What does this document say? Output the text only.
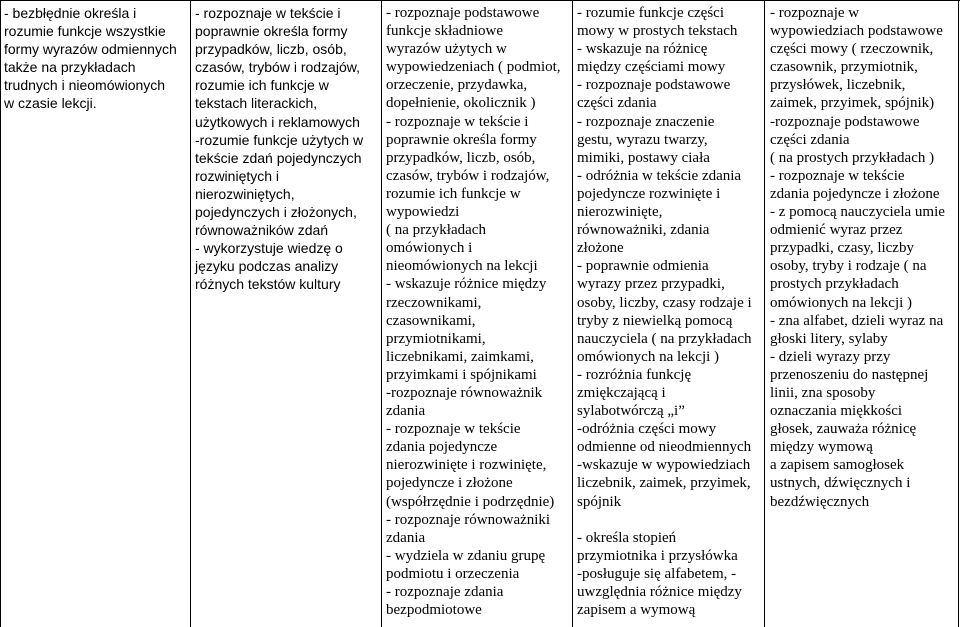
- bezbłędnie określa i
rozumie funkcje wszystkie
formy wyrazów odmiennych
także na przykładach
trudnych i nieomówionych
w czasie lekcji.
- rozpoznaje w tekście i
poprawnie określa formy
przypadków, liczb, osób,
czasów, trybów i rodzajów,
rozumie ich funkcje w
tekstach literackich,
użytkowych i reklamowych
-rozumie funkcje użytych w
tekście zdań pojedynczych
rozwiniętych i
nierozwiniętych,
pojedynczych i złożonych,
równoważników zdań
- wykorzystuje wiedzę o
języku podczas analizy
różnych tekstów kultury
- rozpoznaje podstawowe
funkcje składniowe
wyrazów użytych w
wypowiedzeniach ( podmiot,
orzeczenie, przydawka,
dopełnienie, okolicznik )
- rozpoznaje w tekście i
poprawnie określa formy
przypadków, liczb, osób,
czasów, trybów i rodzajów,
rozumie ich funkcje w
wypowiedzi
( na przykładach
omówionych i
nieomówionych na lekcji
- wskazuje różnice między
rzeczownikami,
czasownikami,
przymiotnikami,
liczebnikami, zaimkami,
przyimkami i spójnikami
-rozpoznaje równoważnik
zdania
- rozpoznaje w tekście
zdania pojedyncze
nierozwinięte i rozwinięte,
pojedyncze i złożone
(współrzędnie i podrzędnie)
- rozpoznaje równoważniki
zdania
- wydziela w zdaniu grupę
podmiotu i orzeczenia
- rozpoznaje zdania
bezpodmiotowe
- rozumie funkcje części
mowy w prostych tekstach
- wskazuje na różnicę
między częściami mowy
- rozpoznaje podstawowe
części zdania
- rozpoznaje znaczenie
gestu, wyrazu twarzy,
mimiki, postawy ciała
- odróżnia w tekście zdania
pojedyncze rozwinięte i
nierozwinięte,
równoważniki, zdania
złożone
- poprawnie odmienia
wyrazy przez przypadki,
osoby, liczby, czasy rodzaje i
tryby z niewielką pomocą
nauczyciela ( na przykładach
omówionych na lekcji )
- rozróżnia funkcję
zmiękczającą i
sylabotwórczą „i”
-odróżnia części mowy
odmienne od nieodmiennych
-wskazuje w wypowiedziach
liczebnik, zaimek, przyimek,
spójnik

- określa stopień
przymiotnika i przysłówka
-posługuje się alfabetem, -
uwzględnia różnice między
zapisem a wymową
- rozpoznaje w
wypowiedziach podstawowe
części mowy ( rzeczownik,
czasownik, przymiotnik,
przysłówek, liczebnik,
zaimek, przyimek, spójnik)
-rozpoznaje podstawowe
części zdania
( na prostych przykładach )
- rozpoznaje w tekście
zdania pojedyncze i złożone
- z pomocą nauczyciela umie
odmienić wyraz przez
przypadki, czasy, liczby
osoby, tryby i rodzaje ( na
prostych przykładach
omówionych na lekcji )
- zna alfabet, dzieli wyraz na
głoski litery, sylaby
- dzieli wyrazy przy
przenoszeniu do następnej
linii, zna sposoby
oznaczania miękkości
głosek, zauważa różnicę
między wymową
a zapisem samogłosek
ustnych, dźwięcznych i
bezdźwięcznych
